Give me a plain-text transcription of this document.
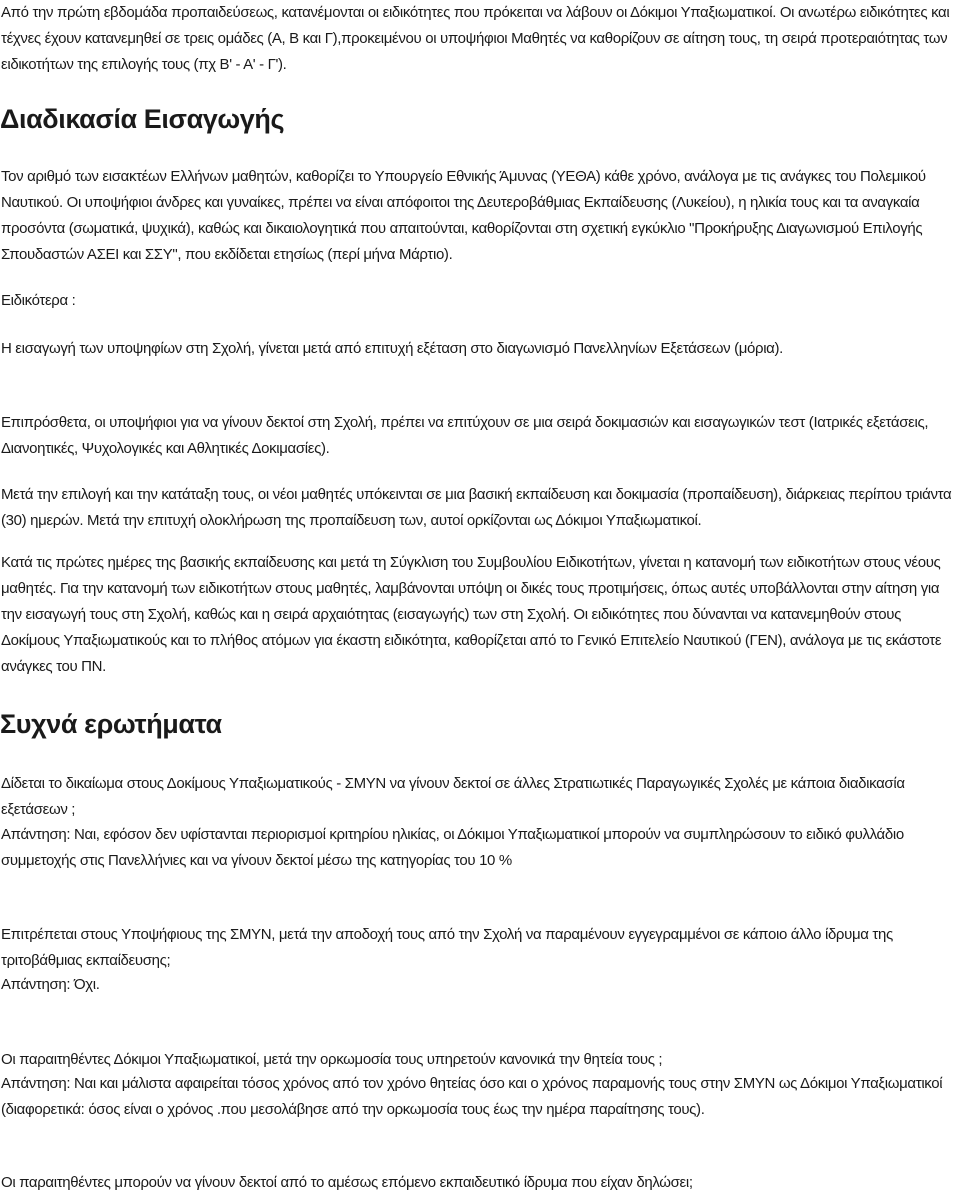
Από την πρώτη εβδομάδα προπαιδεύσεως, κατανέμονται οι ειδικότητες που πρόκειται να λάβουν οι Δόκιμοι Υπαξιωματικοί. Οι ανωτέρω ειδικότητες και τέχνες έχουν κατανεμηθεί σε τρεις ομάδες (Α, Β και Γ),προκειμένου οι υποψήφιοι Μαθητές να καθορίζουν σε αίτηση τους, τη σειρά προτεραιότητας των ειδικοτήτων της επιλογής τους (πχ Β' - Α' - Γ').

Διαδικασία Εισαγωγής

Τον αριθμό των εισακτέων Ελλήνων μαθητών, καθορίζει το Υπουργείο Εθνικής Άμυνας (ΥΕΘΑ) κάθε χρόνο, ανάλογα με τις ανάγκες του Πολεμικού Ναυτικού. Οι υποψήφιοι άνδρες και γυναίκες, πρέπει να είναι απόφοιτοι της Δευτεροβάθμιας Εκπαίδευσης (Λυκείου), η ηλικία τους και τα αναγκαία προσόντα (σωματικά, ψυχικά), καθώς και δικαιολογητικά που απαιτούνται, καθορίζονται στη σχετική εγκύκλιο "Προκήρυξης Διαγωνισμού Επιλογής Σπουδαστών ΑΣΕΙ και ΣΣΥ", που εκδίδεται ετησίως (περί μήνα Μάρτιο).

Ειδικότερα :

Η εισαγωγή των υποψηφίων στη Σχολή, γίνεται μετά από επιτυχή εξέταση στο διαγωνισμό Πανελληνίων Εξετάσεων (μόρια).

Επιπρόσθετα, οι υποψήφιοι για να γίνουν δεκτοί στη Σχολή, πρέπει να επιτύχουν σε μια σειρά δοκιμασιών και εισαγωγικών τεστ (Ιατρικές εξετάσεις, Διανοητικές, Ψυχολογικές και Αθλητικές Δοκιμασίες).

Μετά την επιλογή και την κατάταξη τους, οι νέοι μαθητές υπόκεινται σε μια βασική εκπαίδευση και δοκιμασία (προπαίδευση), διάρκειας περίπου τριάντα (30) ημερών. Μετά την επιτυχή ολοκλήρωση της προπαίδευση των, αυτοί ορκίζονται ως Δόκιμοι Υπαξιωματικοί.

Κατά τις πρώτες ημέρες της βασικής εκπαίδευσης και μετά τη Σύγκλιση του Συμβουλίου Ειδικοτήτων, γίνεται η κατανομή των ειδικοτήτων στους νέους μαθητές. Για την κατανομή των ειδικοτήτων στους μαθητές, λαμβάνονται υπόψη οι δικές τους προτιμήσεις, όπως αυτές υποβάλλονται στην αίτηση για την εισαγωγή τους στη Σχολή, καθώς και η σειρά αρχαιότητας (εισαγωγής) των στη Σχολή. Οι ειδικότητες που δύνανται να κατανεμηθούν στους Δοκίμους Υπαξιωματικούς και το πλήθος ατόμων για έκαστη ειδικότητα, καθορίζεται από το Γενικό Επιτελείο Ναυτικού (ΓΕΝ), ανάλογα με τις εκάστοτε ανάγκες του ΠΝ.

Συχνά ερωτήματα

Δίδεται το δικαίωμα στους Δοκίμους Υπαξιωματικούς - ΣΜΥΝ να γίνουν δεκτοί σε άλλες Στρατιωτικές Παραγωγικές Σχολές με κάποια διαδικασία εξετάσεων ;

Απάντηση: Ναι, εφόσον δεν υφίστανται περιορισμοί κριτηρίου ηλικίας, οι Δόκιμοι Υπαξιωματικοί μπορούν να συμπληρώσουν το ειδικό φυλλάδιο συμμετοχής στις Πανελλήνιες και να γίνουν δεκτοί μέσω της κατηγορίας του 10 %

Επιτρέπεται στους Υποψήφιους της ΣΜΥΝ, μετά την αποδοχή τους από την Σχολή να παραμένουν εγγεγραμμένοι σε κάποιο άλλο ίδρυμα της τριτοβάθμιας εκπαίδευσης;

Απάντηση: Όχι.

Οι παραιτηθέντες Δόκιμοι Υπαξιωματικοί, μετά την ορκωμοσία τους υπηρετούν κανονικά την θητεία τους ;

Απάντηση: Ναι και μάλιστα αφαιρείται τόσος χρόνος από τον χρόνο θητείας όσο και ο χρόνος παραμονής τους στην ΣΜΥΝ ως Δόκιμοι Υπαξιωματικοί (διαφορετικά: όσος είναι ο χρόνος .που μεσολάβησε από την ορκωμοσία τους έως την ημέρα παραίτησης τους).

Οι παραιτηθέντες μπορούν να γίνουν δεκτοί από το αμέσως επόμενο εκπαιδευτικό ίδρυμα που είχαν δηλώσει;
